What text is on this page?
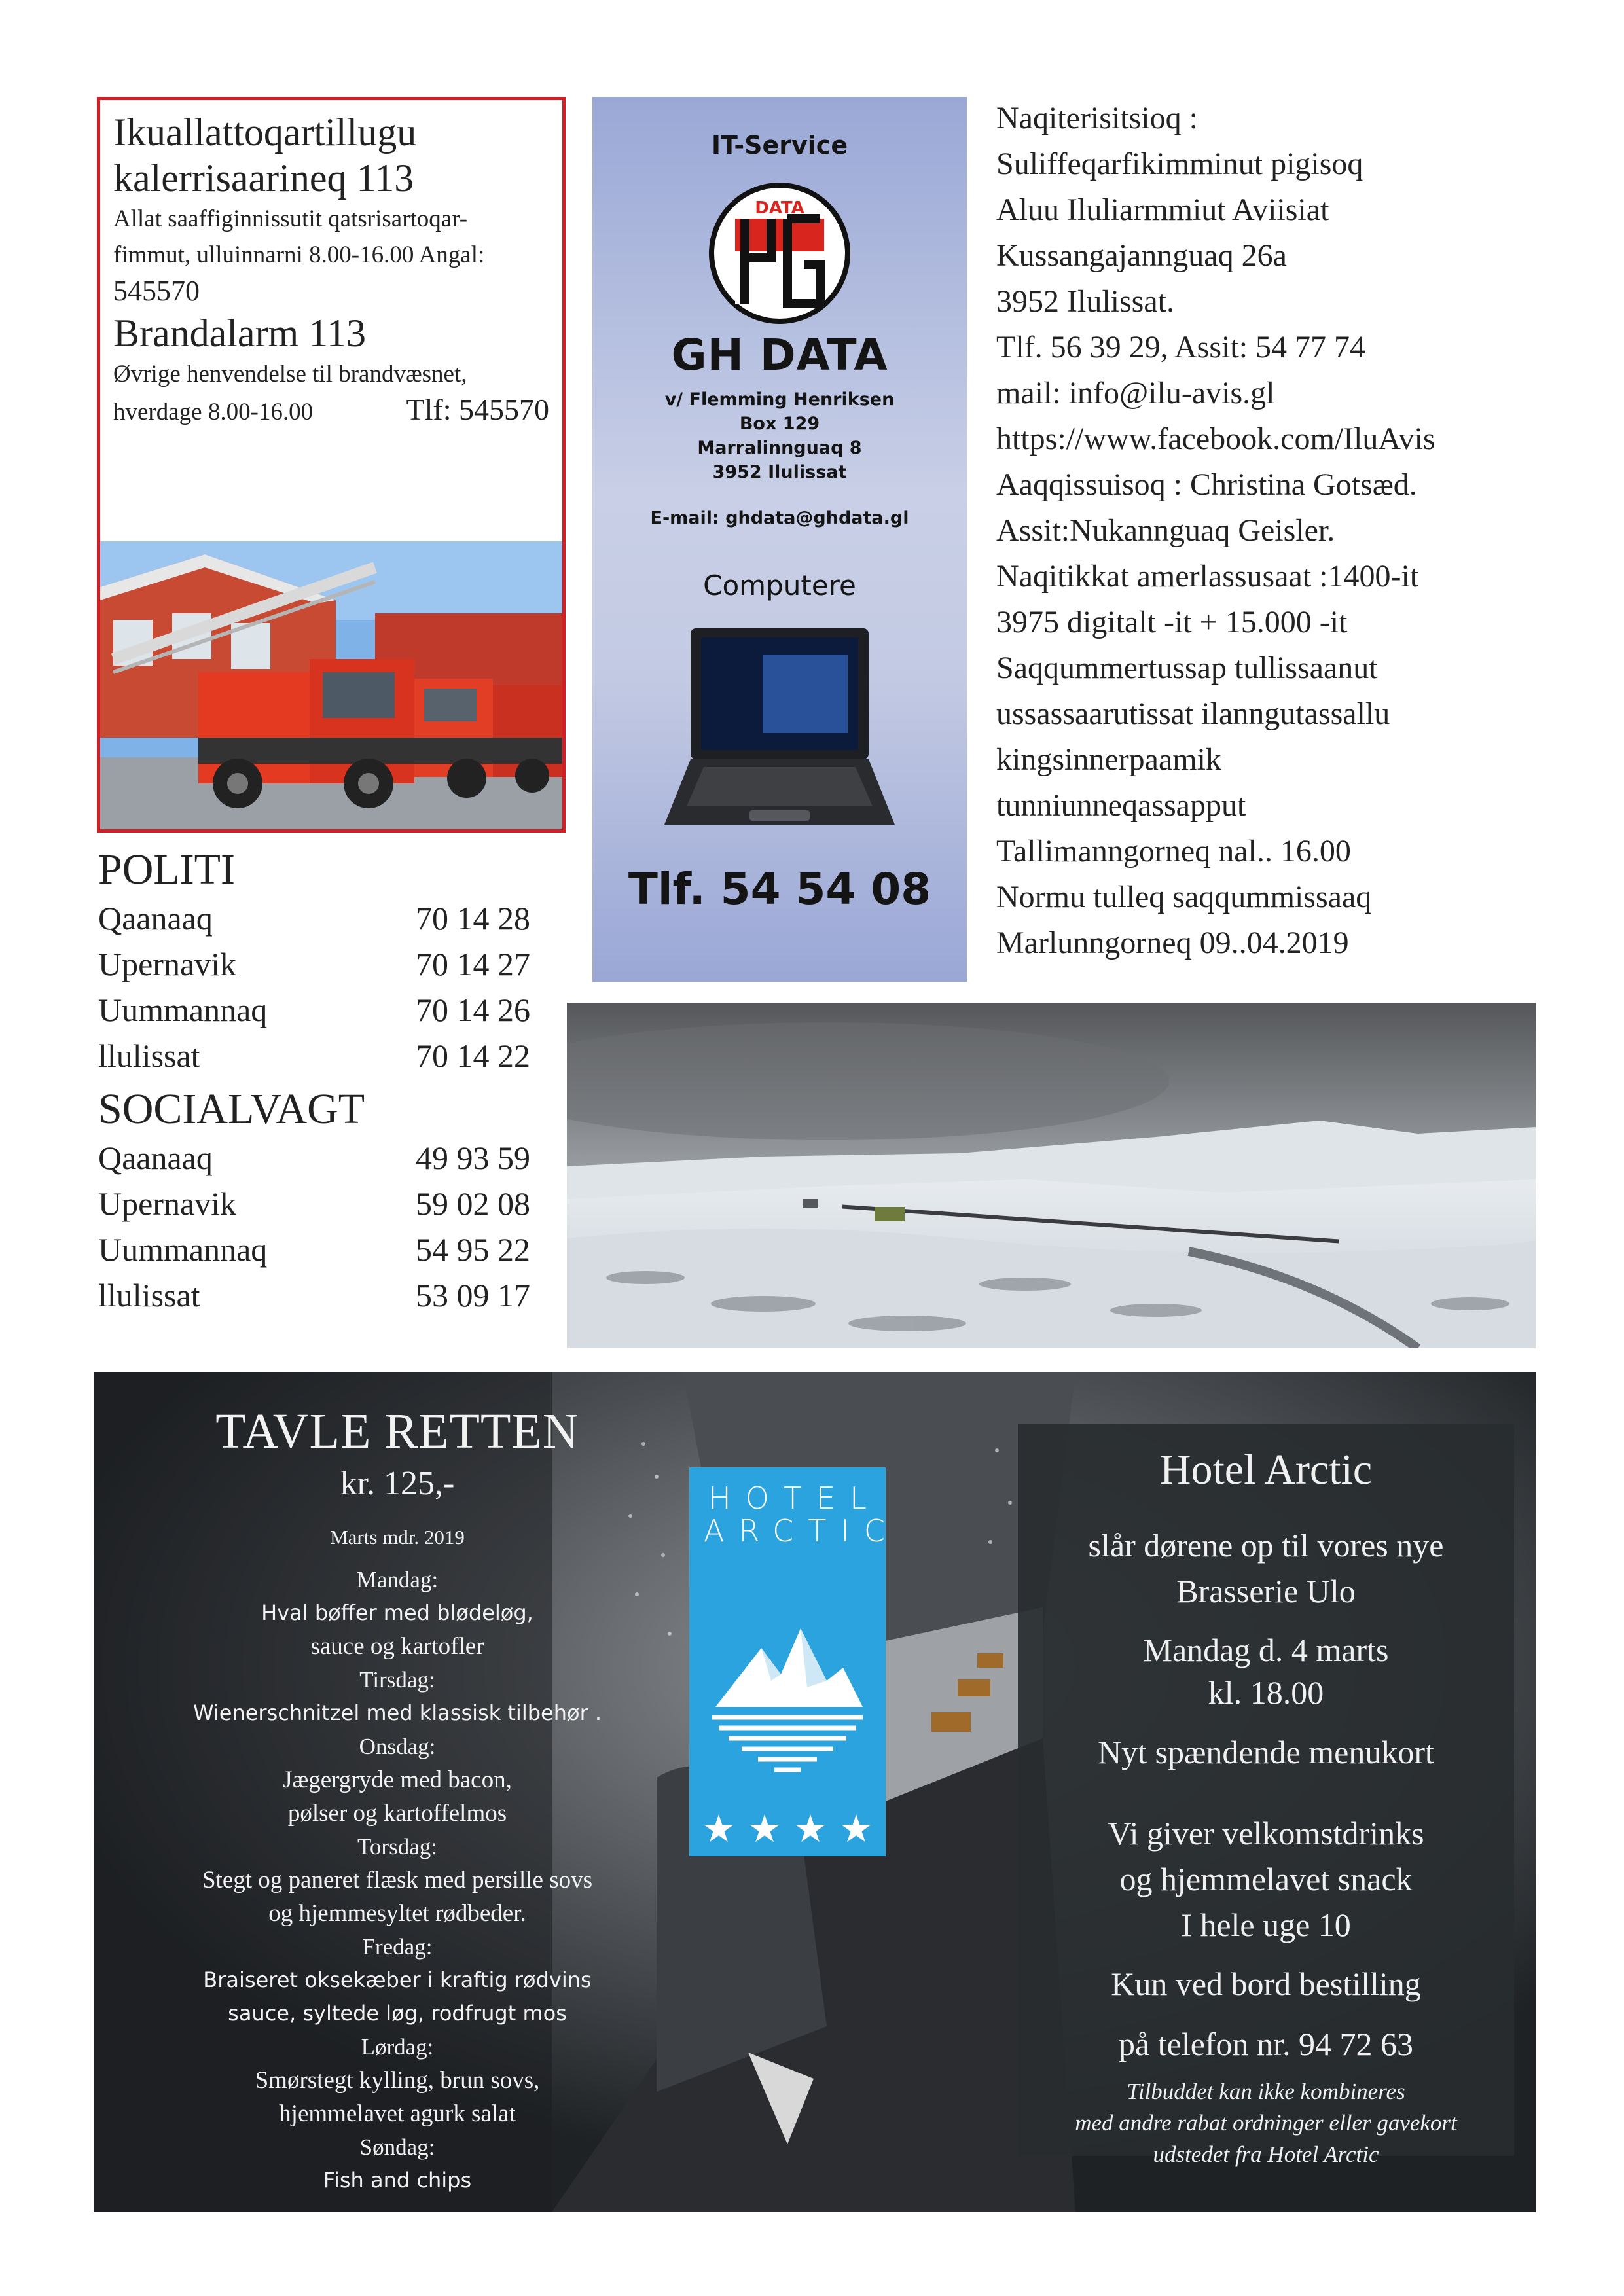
Ikuallattoqartillugu
kalerrisaarineq 113
Allat saaffiginnissutit qatsrisartoqar-
fimmut, ulluinnarni 8.00-16.00 Angal:
545570
Brandalarm 113
Øvrige henvendelse til brandvæsnet,
hverdage 8.00-16.00	Tlf: 545570
IT-Service
DATA
GH DATA
v/ Flemming Henriksen
Box 129
Marralinnguaq 8
3952 Ilulissat
E-mail: ghdata@ghdata.gl
Computere
Tlf. 54 54 08
Naqiterisitsioq :
Suliffeqarfikimminut pigisoq
Aluu Iluliarmmiut Aviisiat
Kussangajannguaq 26a
3952 Ilulissat.
Tlf. 56 39 29, Assit: 54 77 74
mail: info@ilu-avis.gl
https://www.facebook.com/IluAvis
Aaqqissuisoq : Christina Gotsæd.
Assit:Nukannguaq Geisler.
Naqitikkat amerlassusaat :1400-it
3975 digitalt -it + 15.000 -it
Saqqummertussap tullissaanut
ussassaarutissat ilanngutassallu
kingsinnerpaamik
tunniunneqassapput
Tallimanngorneq nal.. 16.00
Normu tulleq saqqummissaaq
Marlunngorneq 09..04.2019
POLITI
Qaanaaq	70 14 28
Upernavik	70 14 27
Uummannaq	70 14 26
llulissat	70 14 22
SOCIALVAGT
Qaanaaq	49 93 59
Upernavik	59 02 08
Uummannaq	54 95 22
llulissat	53 09 17
TAVLE RETTEN
kr. 125,-
Marts mdr. 2019
Mandag:
Hval bøffer med blødeløg,
sauce og kartofler
Tirsdag:
Wienerschnitzel med klassisk tilbehør .
Onsdag:
Jægergryde med bacon,
pølser og kartoffelmos
Torsdag:
Stegt og paneret flæsk med persille sovs
og hjemmesyltet rødbeder.
Fredag:
Braiseret oksekæber i kraftig rødvins
sauce, syltede løg, rodfrugt mos
Lørdag:
Smørstegt kylling, brun sovs,
hjemmelavet agurk salat
Søndag:
Fish and chips
HOTEL
ARCTIC
★★★★
Hotel Arctic
slår dørene op til vores nye
Brasserie Ulo
Mandag d. 4 marts
kl. 18.00
Nyt spændende menukort
Vi giver velkomstdrinks
og hjemmelavet snack
I hele uge 10
Kun ved bord bestilling
på telefon nr. 94 72 63
Tilbuddet kan ikke kombineres
med andre rabat ordninger eller gavekort
udstedet fra Hotel Arctic
